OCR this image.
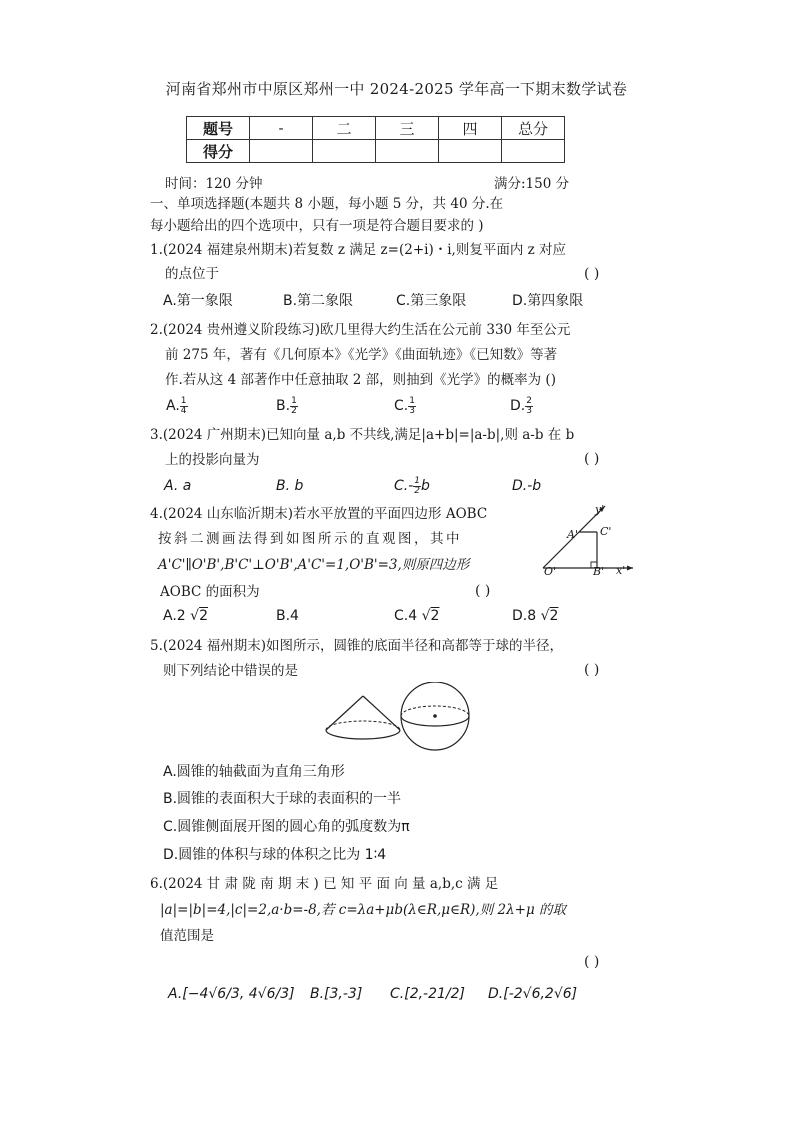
河南省郑州市中原区郑州一中 2024-2025 学年高一下期末数学试卷
题号	-	二	三	四	总分
得分					
时间：120 分钟	满分:150 分
一、单项选择题(本题共 8 小题，每小题 5 分，共 40 分.在
每小题给出的四个选项中，只有一项是符合题目要求的 )
1.(2024 福建泉州期末)若复数 z 满足 z=(2+i)・i,则复平面内 z 对应
的点位于	( )
A.第一象限	B.第二象限	C.第三象限	D.第四象限
2.(2024 贵州遵义阶段练习)欧几里得大约生活在公元前 330 年至公元
前 275 年，著有《几何原本》《光学》《曲面轨迹》《已知数》等著
作.若从这 4 部著作中任意抽取 2 部，则抽到《光学》的概率为 ()
A. $\frac{1}{4}$	B. $\frac{1}{2}$	C. $\frac{1}{3}$	D. $\frac{2}{3}$
3.(2024 广州期末)已知向量 a,b 不共线,满足|a+b|=|a-b|,则 a-b 在 b
上的投影向量为	( )
A. a	B. b	$C.- \frac{1}{2}$ b	D.-b
4.(2024 山东临沂期末)若水平放置的平面四边形 AOBC
按斜二测画法得到如图所示的直观图，其中
A'C'∥O'B',B'C'⊥O'B',A'C'=1,O'B'=3,则原四边形
AOBC 的面积为	( )
y'
A' C'
O'	B' x'
A.2 √2	B.4	C.4 √2	D.8 √2
5.(2024 福州期末)如图所示，圆锥的底面半径和高都等于球的半径，
则下列结论中错误的是	( )
A.圆锥的轴截面为直角三角形
B.圆锥的表面积大于球的表面积的一半
C.圆锥侧面展开图的圆心角的弧度数为π
D.圆锥的体积与球的体积之比为 1∶4
6.(2024 甘 肃 陇 南 期 末 ) 已 知 平 面 向 量 a,b,c 满 足
|a|=|b|=4,|c|=2,a·b=-8,若 c=λa+μb(λ∈R,μ∈R),则 2λ+μ 的取
值范围是
( )
A.[−4√6/3, 4√6/3] B.[3,-3] C.[2,-21/2] D.[-2√6,2√6]
